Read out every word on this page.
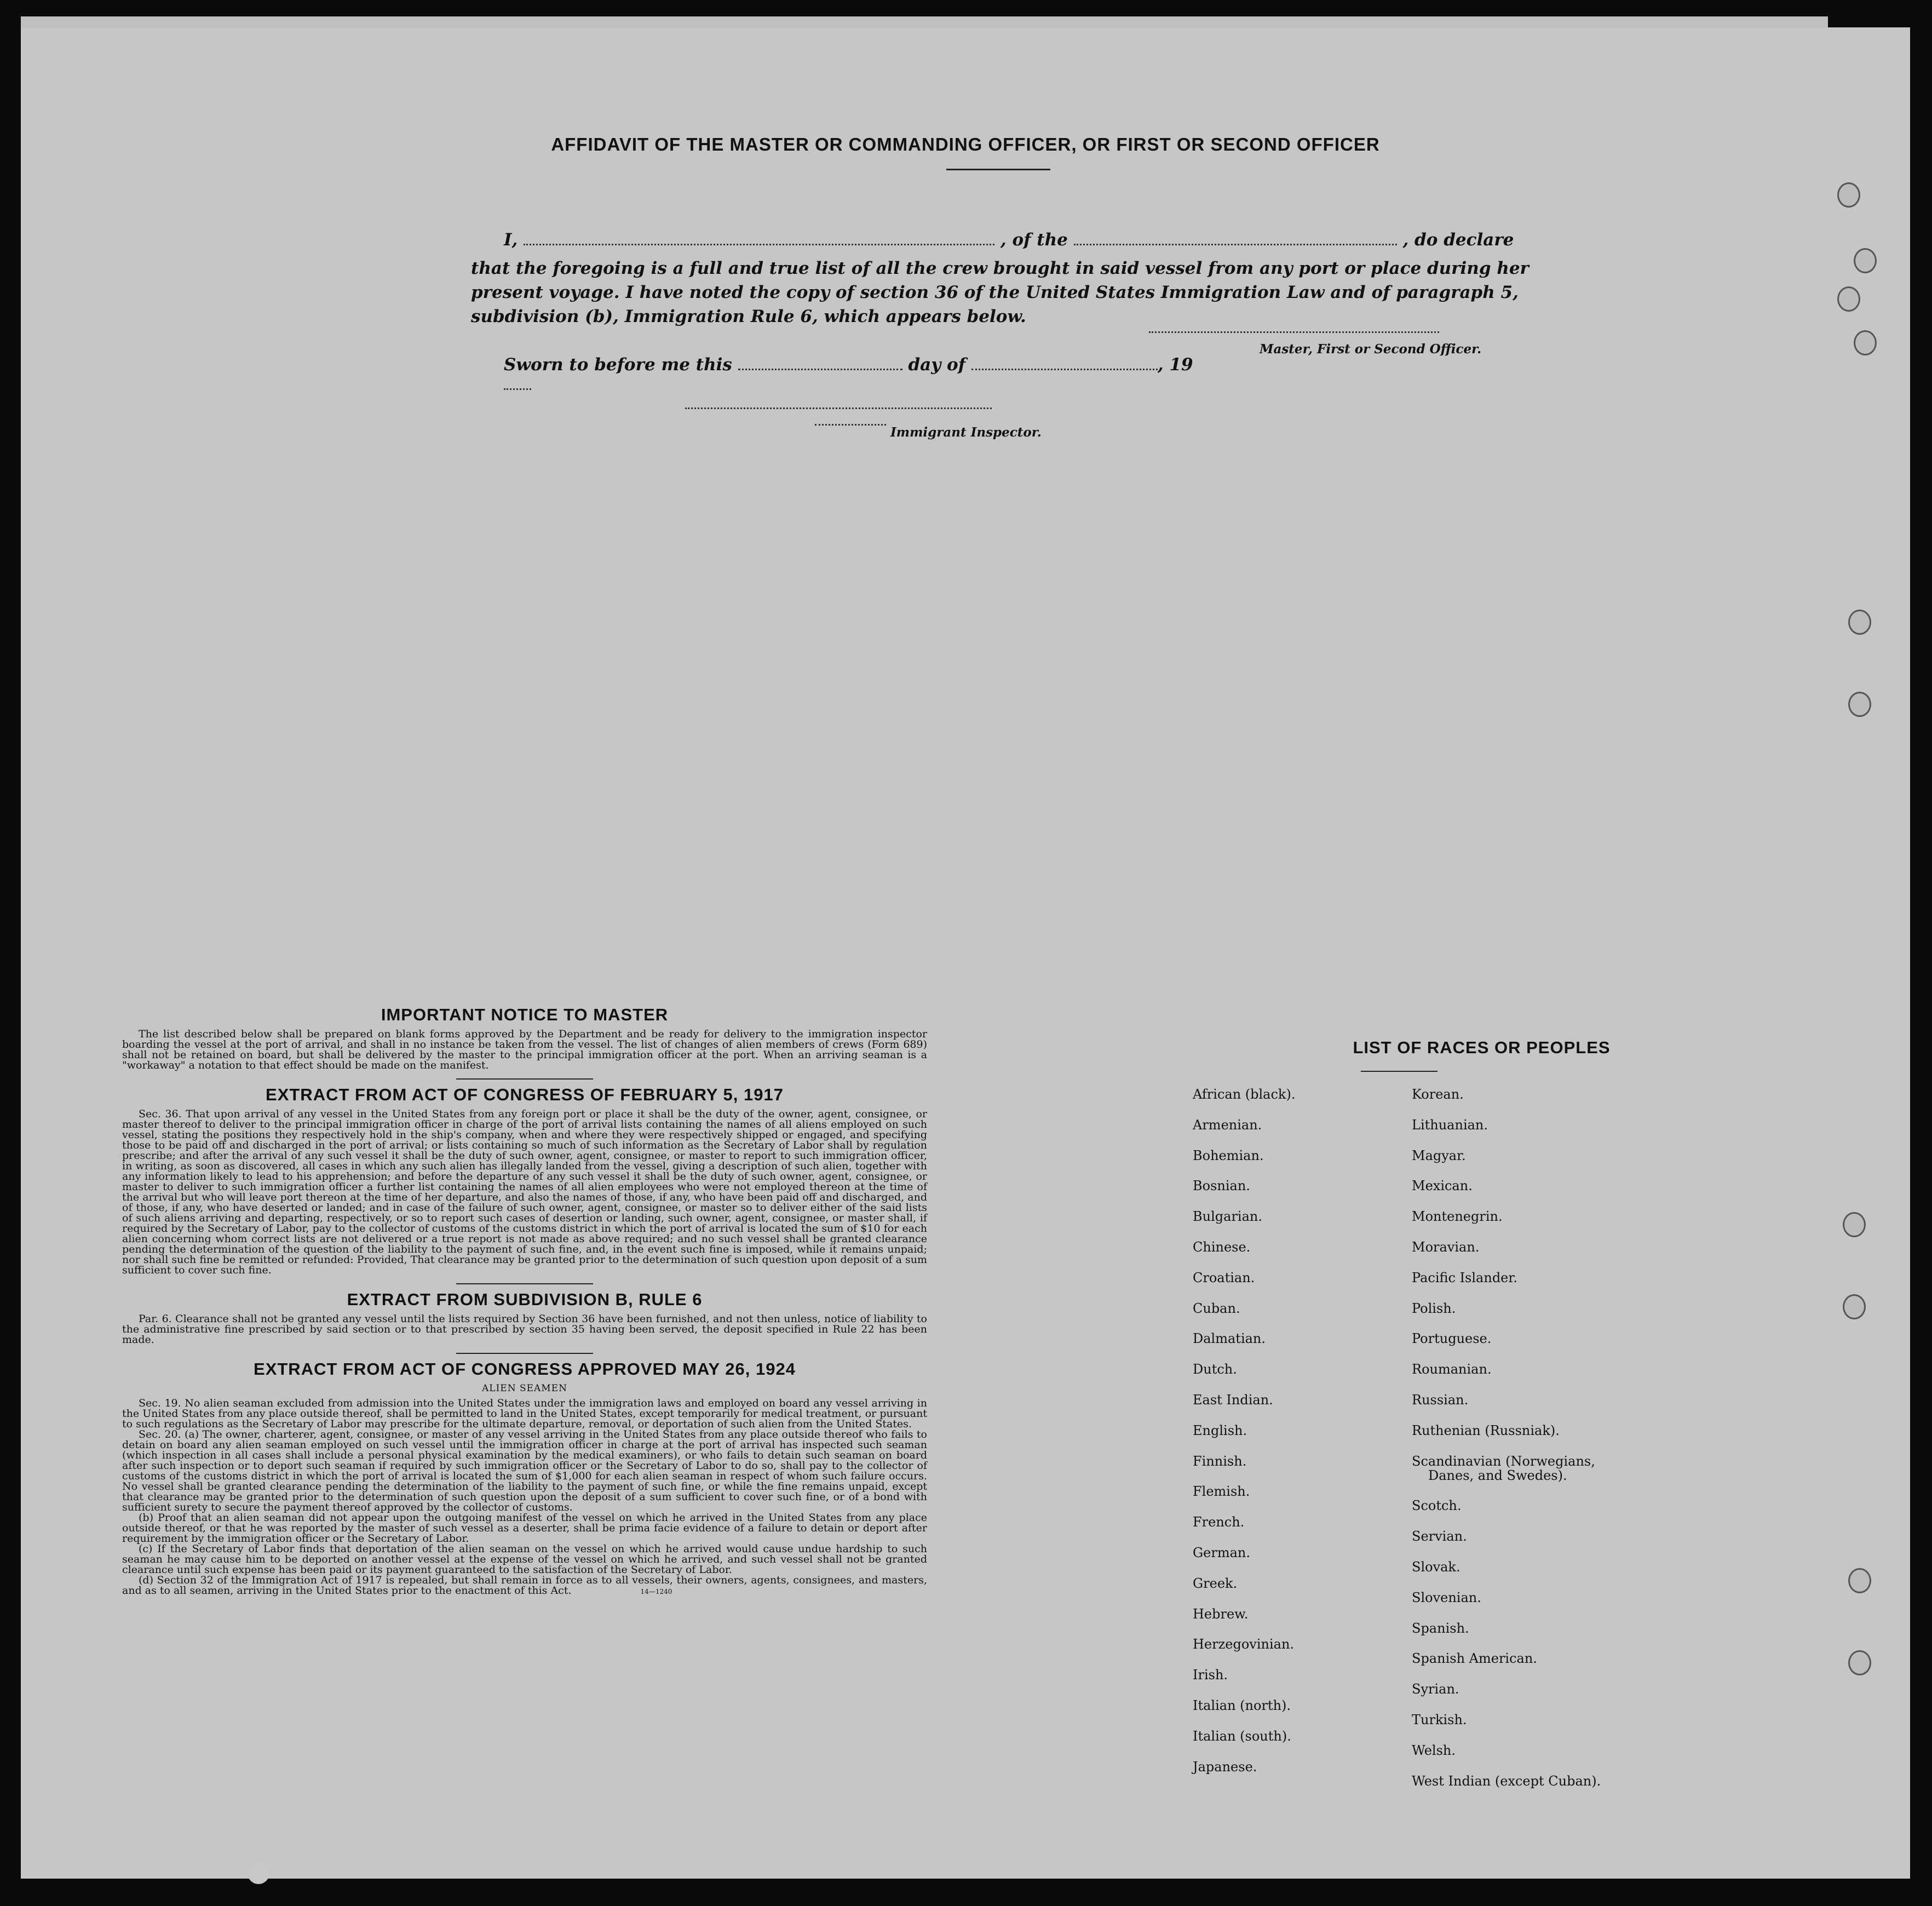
AFFIDAVIT OF THE MASTER OR COMMANDING OFFICER, OR FIRST OR SECOND OFFICER
I,	, of the	, do declare
that the foregoing is a full and true list of all the crew brought in said vessel from any port or place during her present voyage. I have noted the copy of section 36 of the United States Immigration Law and of paragraph 5, subdivision (b), Immigration Rule 6, which appears below.
Master, First or Second Officer.
Sworn to before me this	day of	, 19
Immigrant Inspector.

IMPORTANT NOTICE TO MASTER

The list described below shall be prepared on blank forms approved by the Department and be ready for delivery to the immigration inspector boarding the vessel at the port of arrival, and shall in no instance be taken from the vessel. The list of changes of alien members of crews (Form 689) shall not be retained on board, but shall be delivered by the master to the principal immigration officer at the port. When an arriving seaman is a "workaway" a notation to that effect should be made on the manifest.

EXTRACT FROM ACT OF CONGRESS OF FEBRUARY 5, 1917

Sec. 36. That upon arrival of any vessel in the United States from any foreign port or place it shall be the duty of the owner, agent, consignee, or master thereof to deliver to the principal immigration officer in charge of the port of arrival lists containing the names of all aliens employed on such vessel, stating the positions they respectively hold in the ship's company, when and where they were respectively shipped or engaged, and specifying those to be paid off and discharged in the port of arrival; or lists containing so much of such information as the Secretary of Labor shall by regulation prescribe; and after the arrival of any such vessel it shall be the duty of such owner, agent, consignee, or master to report to such immigration officer, in writing, as soon as discovered, all cases in which any such alien has illegally landed from the vessel, giving a description of such alien, together with any information likely to lead to his apprehension; and before the departure of any such vessel it shall be the duty of such owner, agent, consignee, or master to deliver to such immigration officer a further list containing the names of all alien employees who were not employed thereon at the time of the arrival but who will leave port thereon at the time of her departure, and also the names of those, if any, who have been paid off and discharged, and of those, if any, who have deserted or landed; and in case of the failure of such owner, agent, consignee, or master so to deliver either of the said lists of such aliens arriving and departing, respectively, or so to report such cases of desertion or landing, such owner, agent, consignee, or master shall, if required by the Secretary of Labor, pay to the collector of customs of the customs district in which the port of arrival is located the sum of $10 for each alien concerning whom correct lists are not delivered or a true report is not made as above required; and no such vessel shall be granted clearance pending the determination of the question of the liability to the payment of such fine, and, in the event such fine is imposed, while it remains unpaid; nor shall such fine be remitted or refunded: Provided, That clearance may be granted prior to the determination of such question upon deposit of a sum sufficient to cover such fine.

EXTRACT FROM SUBDIVISION B, RULE 6

Par. 6. Clearance shall not be granted any vessel until the lists required by Section 36 have been furnished, and not then unless, notice of liability to the administrative fine prescribed by said section or to that prescribed by section 35 having been served, the deposit specified in Rule 22 has been made.

EXTRACT FROM ACT OF CONGRESS APPROVED MAY 26, 1924

ALIEN SEAMEN

Sec. 19. No alien seaman excluded from admission into the United States under the immigration laws and employed on board any vessel arriving in the United States from any place outside thereof, shall be permitted to land in the United States, except temporarily for medical treatment, or pursuant to such regulations as the Secretary of Labor may prescribe for the ultimate departure, removal, or deportation of such alien from the United States.

Sec. 20. (a) The owner, charterer, agent, consignee, or master of any vessel arriving in the United States from any place outside thereof who fails to detain on board any alien seaman employed on such vessel until the immigration officer in charge at the port of arrival has inspected such seaman (which inspection in all cases shall include a personal physical examination by the medical examiners), or who fails to detain such seaman on board after such inspection or to deport such seaman if required by such immigration officer or the Secretary of Labor to do so, shall pay to the collector of customs of the customs district in which the port of arrival is located the sum of $1,000 for each alien seaman in respect of whom such failure occurs. No vessel shall be granted clearance pending the determination of the liability to the payment of such fine, or while the fine remains unpaid, except that clearance may be granted prior to the determination of such question upon the deposit of a sum sufficient to cover such fine, or of a bond with sufficient surety to secure the payment thereof approved by the collector of customs.

(b) Proof that an alien seaman did not appear upon the outgoing manifest of the vessel on which he arrived in the United States from any place outside thereof, or that he was reported by the master of such vessel as a deserter, shall be prima facie evidence of a failure to detain or deport after requirement by the immigration officer or the Secretary of Labor.

(c) If the Secretary of Labor finds that deportation of the alien seaman on the vessel on which he arrived would cause undue hardship to such seaman he may cause him to be deported on another vessel at the expense of the vessel on which he arrived, and such vessel shall not be granted clearance until such expense has been paid or its payment guaranteed to the satisfaction of the Secretary of Labor.

(d) Section 32 of the Immigration Act of 1917 is repealed, but shall remain in force as to all vessels, their owners, agents, consignees, and masters, and as to all seamen, arriving in the United States prior to the enactment of this Act.	14—1240

LIST OF RACES OR PEOPLES
African (black).
Armenian.
Bohemian.
Bosnian.
Bulgarian.
Chinese.
Croatian.
Cuban.
Dalmatian.
Dutch.
East Indian.
English.
Finnish.
Flemish.
French.
German.
Greek.
Hebrew.
Herzegovinian.
Irish.
Italian (north).
Italian (south).
Japanese.
Korean.
Lithuanian.
Magyar.
Mexican.
Montenegrin.
Moravian.
Pacific Islander.
Polish.
Portuguese.
Roumanian.
Russian.
Ruthenian (Russniak).
Scandinavian (Norwegians,
Danes, and Swedes).
Scotch.
Servian.
Slovak.
Slovenian.
Spanish.
Spanish American.
Syrian.
Turkish.
Welsh.
West Indian (except Cuban).
